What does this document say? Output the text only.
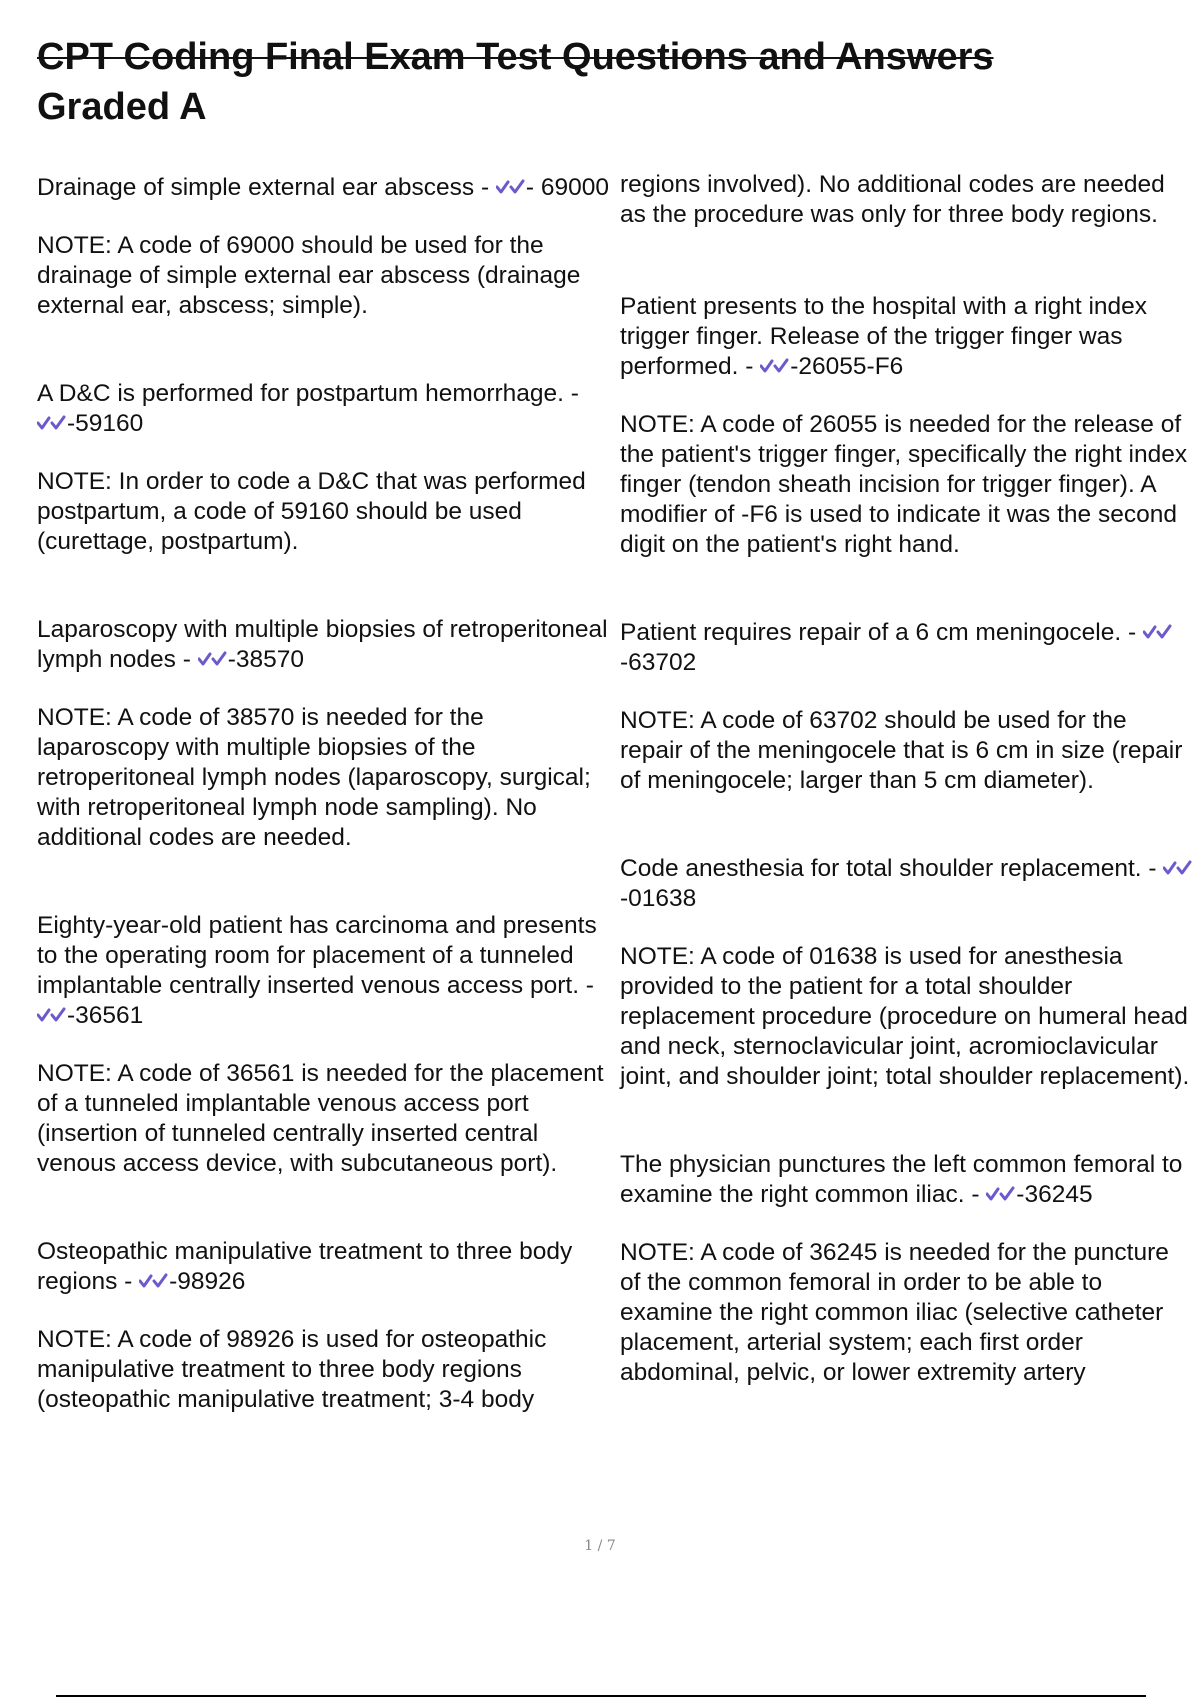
CPT Coding Final Exam Test Questions and Answers
Graded A

Drainage of simple external ear abscess - - 69000

NOTE: A code of 69000 should be used for the drainage of simple external ear abscess (drainage external ear, abscess; simple).

A D&C is performed for postpartum hemorrhage. - -59160

NOTE: In order to code a D&C that was performed postpartum, a code of 59160 should be used (curettage, postpartum).

Laparoscopy with multiple biopsies of retroperitoneal lymph nodes - -38570

NOTE: A code of 38570 is needed for the laparoscopy with multiple biopsies of the retroperitoneal lymph nodes (laparoscopy, surgical; with retroperitoneal lymph node sampling). No additional codes are needed.

Eighty-year-old patient has carcinoma and presents to the operating room for placement of a tunneled implantable centrally inserted venous access port. - -36561

NOTE: A code of 36561 is needed for the placement of a tunneled implantable venous access port (insertion of tunneled centrally inserted central venous access device, with subcutaneous port).

Osteopathic manipulative treatment to three body regions - -98926

NOTE: A code of 98926 is used for osteopathic manipulative treatment to three body regions (osteopathic manipulative treatment; 3-4 body

regions involved). No additional codes are needed as the procedure was only for three body regions.

Patient presents to the hospital with a right index trigger finger. Release of the trigger finger was performed. - -26055-F6

NOTE: A code of 26055 is needed for the release of the patient's trigger finger, specifically the right index finger (tendon sheath incision for trigger finger). A modifier of -F6 is used to indicate it was the second digit on the patient's right hand.

Patient requires repair of a 6 cm meningocele. - -63702

NOTE: A code of 63702 should be used for the repair of the meningocele that is 6 cm in size (repair of meningocele; larger than 5 cm diameter).

Code anesthesia for total shoulder replacement. - -01638

NOTE: A code of 01638 is used for anesthesia provided to the patient for a total shoulder replacement procedure (procedure on humeral head and neck, sternoclavicular joint, acromioclavicular joint, and shoulder joint; total shoulder replacement).

The physician punctures the left common femoral to examine the right common iliac. - -36245

NOTE: A code of 36245 is needed for the puncture of the common femoral in order to be able to examine the right common iliac (selective catheter placement, arterial system; each first order abdominal, pelvic, or lower extremity artery

1 / 7
